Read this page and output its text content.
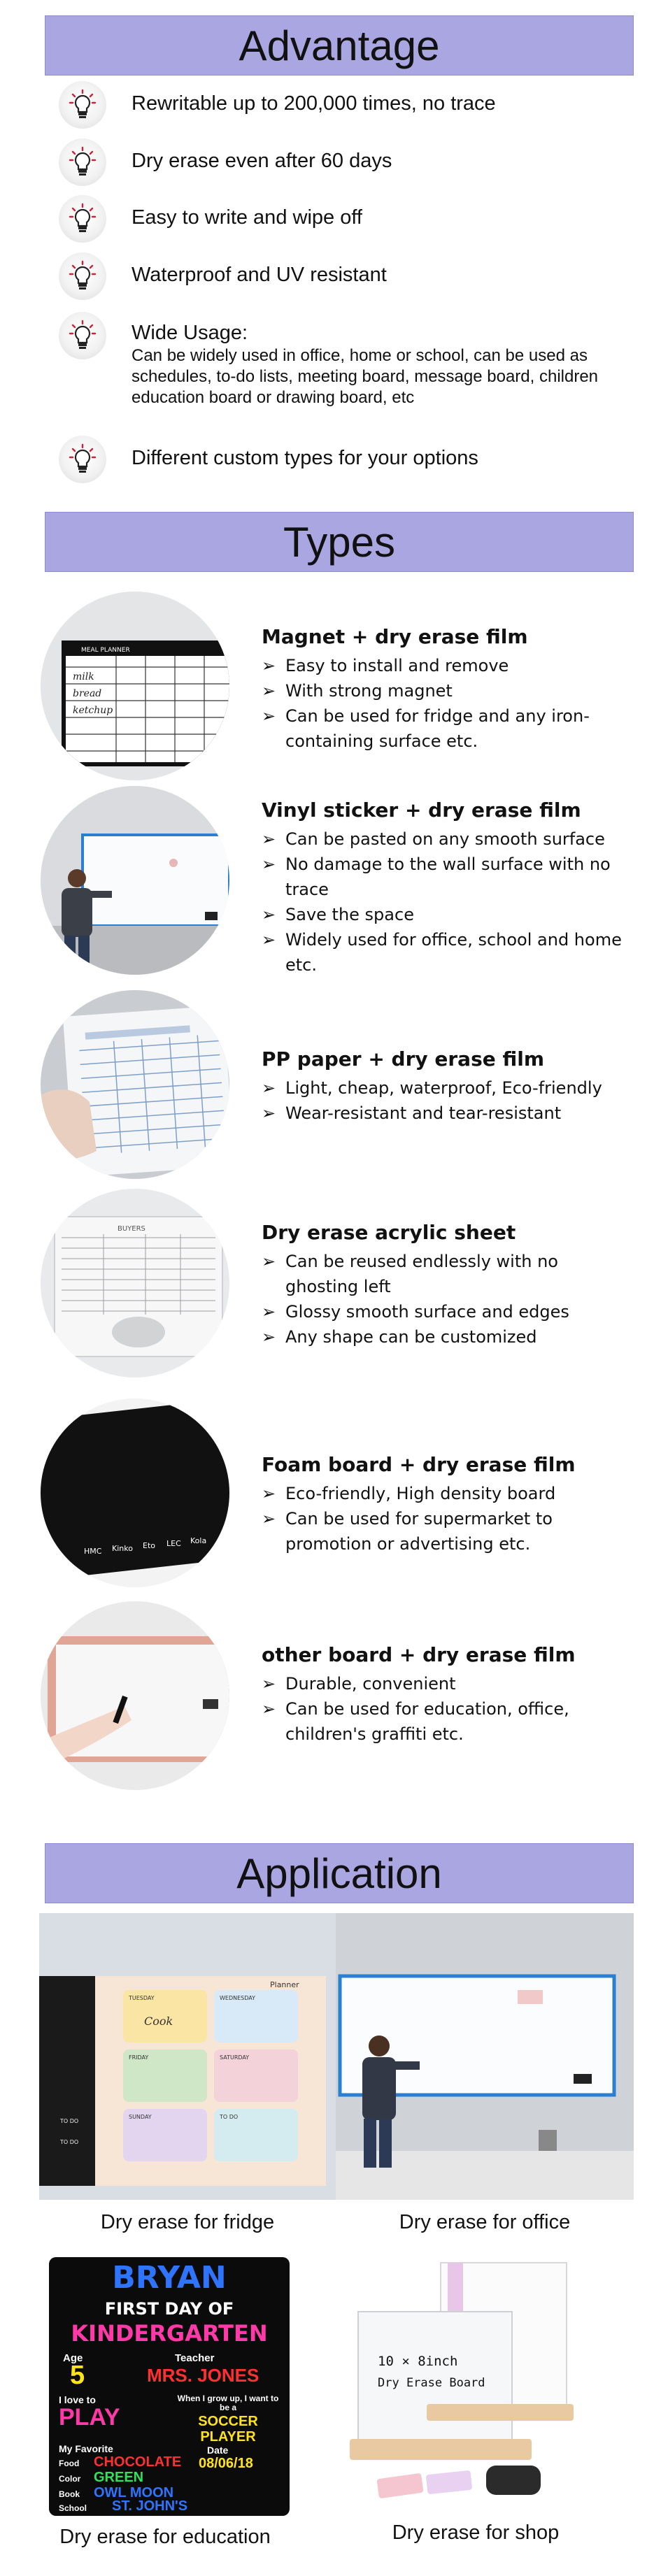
Advantage
Rewritable up to 200,000 times, no trace
Dry erase even after 60 days
Easy to write and wipe off
Waterproof and UV resistant
Wide Usage:
Can be widely used in office, home or school, can be used as schedules, to-do lists, meeting board, message board, children education board or drawing board, etc
Different custom types for your options
Types
MEAL PLANNER
milk
bread
ketchup
Magnet + dry erase film
➢ Easy to install and remove
➢ With strong magnet
➢ Can be used for fridge and any iron-containing surface etc.
Vinyl sticker + dry erase film
➢ Can be pasted on any smooth surface
➢ No damage to the wall surface with no trace
➢ Save the space
➢ Widely used for office, school and home etc.
PP paper + dry erase film
➢ Light, cheap, waterproof, Eco-friendly
➢ Wear-resistant and tear-resistant
BUYERS	Dry erase acrylic sheet
➢ Can be reused endlessly with no ghosting left
➢ Glossy smooth surface and edges
➢ Any shape can be customized
Tilis	HMC Kinko Eto LEC Kola
Foam board + dry erase film
➢ Eco-friendly, High density board
➢ Can be used for supermarket to promotion or advertising etc.
other board + dry erase film
➢ Durable, convenient
➢ Can be used for education, office, children's graffiti etc.
Application
Planner
TUESDAY	WEDNESDAY
FRIDAY	SATURDAY
SUNDAY	TO DO
TO DO
TO DO
Cook
Dry erase for fridge	Dry erase for office
BRYAN
FIRST DAY OF
KINDERGARTEN
Age
5
Teacher
MRS. JONES
I love to
PLAY
When I grow up, I want to be a
SOCCER PLAYER
My Favorite
Food CHOCOLATE
Color GREEN
Book OWL MOON
Date
08/06/18
School ST. JOHN'S
10 × 8inch
Dry Erase Board
Dry erase for education	Dry erase for shop
